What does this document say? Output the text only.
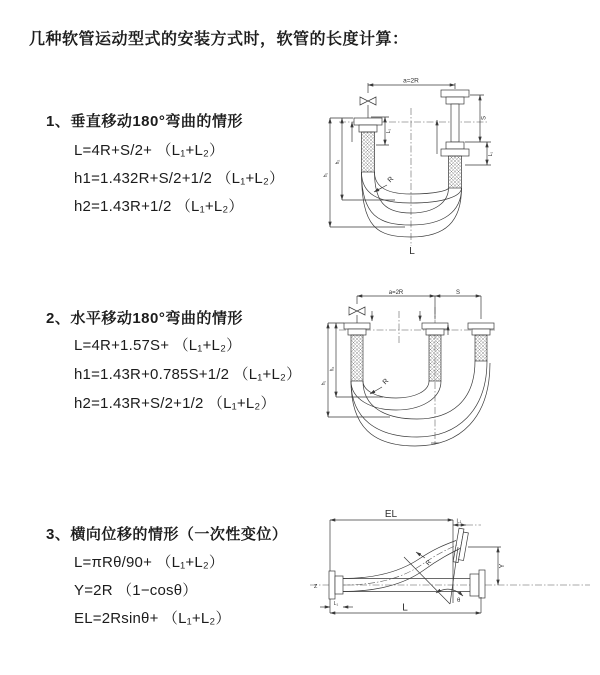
几种软管运动型式的安装方式时，软管的长度计算：
1、垂直移动180°弯曲的情形
L=4R+S/2+ （L₁+L₂）
h1=1.432R+S/2+1/2 （L₁+L₂）
h2=1.43R+1/2 （L₁+L₂）
2、水平移动180°弯曲的情形
L=4R+1.57S+ （L₁+L₂）
h1=1.43R+0.785S+1/2 （L₁+L₂）
h2=1.43R+S/2+1/2 （L₁+L₂）
3、横向位移的情形（一次性变位）
L=πRθ/90+ （L₁+L₂）
Y=2R （1−cosθ）
EL=2Rsinθ+ （L₁+L₂）
a=2R
L₁
S
L₁
h₁
h₂
R
L
a=2R	S
h₁
h₂
R
EL
L₁
Z
Y
θ
R
L₁	L
